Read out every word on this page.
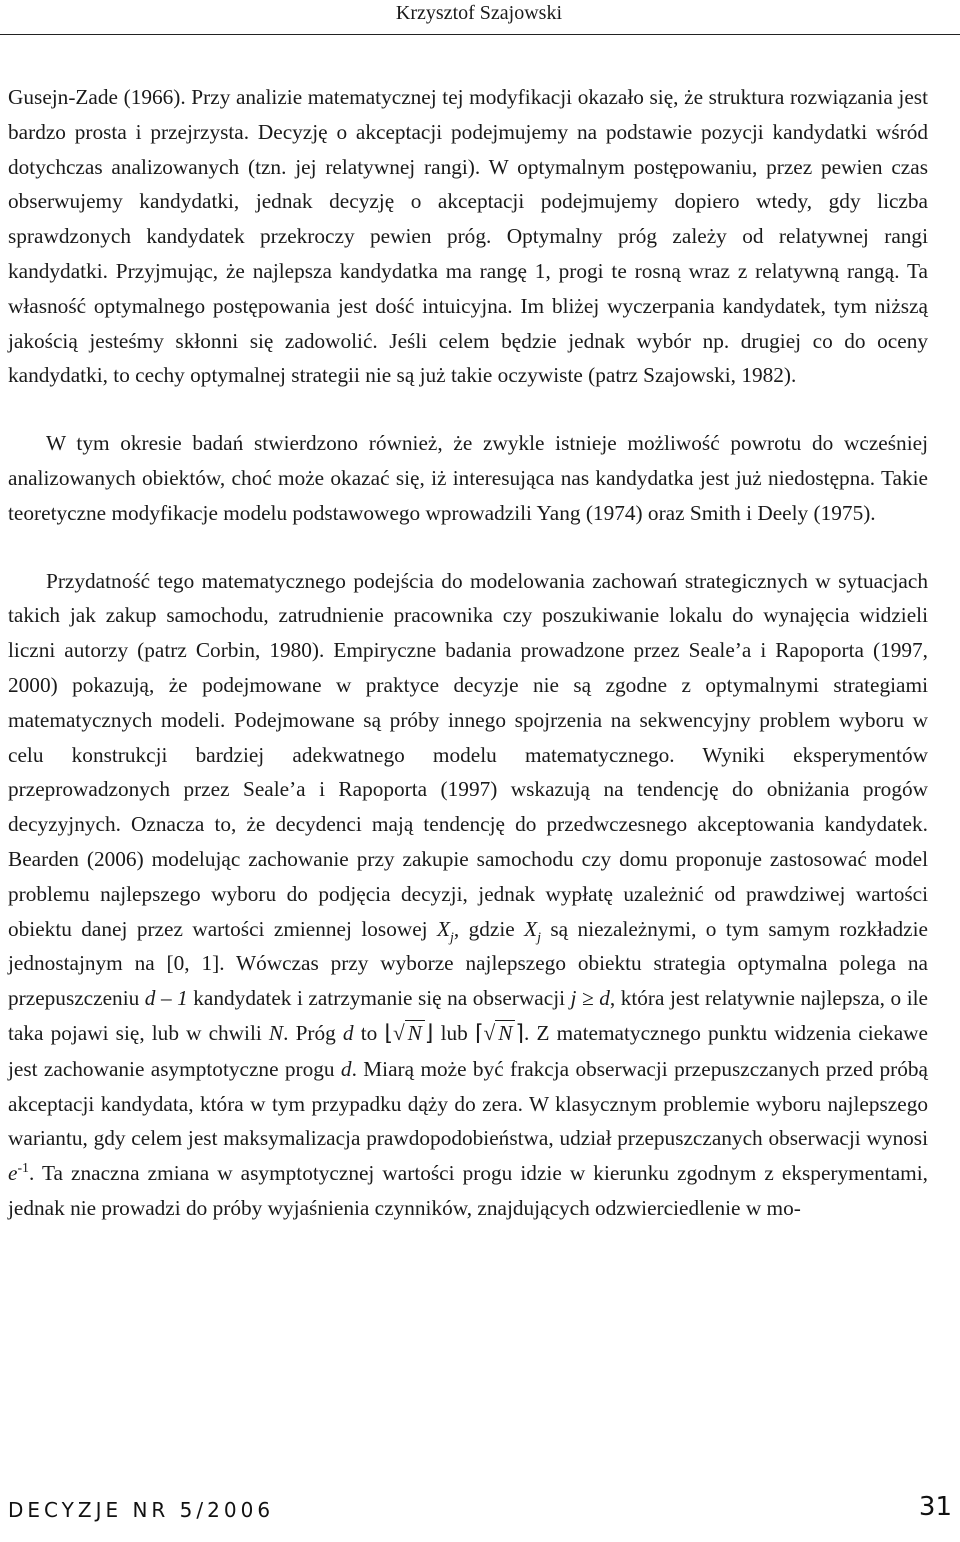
Krzysztof Szajowski

Gusejn-Zade (1966). Przy analizie matematycznej tej modyfikacji okazało się, że struktura rozwiązania jest bardzo prosta i przejrzysta. Decyzję o akceptacji podejmujemy na podstawie pozycji kandydatki wśród dotychczas analizowanych (tzn. jej relatywnej rangi). W optymalnym postępowaniu, przez pewien czas obserwujemy kandydatki, jednak decyzję o akceptacji podejmujemy dopiero wtedy, gdy liczba sprawdzonych kandydatek przekroczy pewien próg. Optymalny próg zależy od relatywnej rangi kandydatki. Przyjmując, że najlepsza kandydatka ma rangę 1, progi te rosną wraz z relatywną rangą. Ta własność optymalnego postępowania jest dość intuicyjna. Im bliżej wyczerpania kandydatek, tym niższą jakością jesteśmy skłonni się zadowolić. Jeśli celem będzie jednak wybór np. drugiej co do oceny kandydatki, to cechy optymalnej strategii nie są już takie oczywiste (patrz Szajowski, 1982).

W tym okresie badań stwierdzono również, że zwykle istnieje możliwość powrotu do wcześniej analizowanych obiektów, choć może okazać się, iż interesująca nas kandydatka jest już niedostępna. Takie teoretyczne modyfikacje modelu podstawowego wprowadzili Yang (1974) oraz Smith i Deely (1975).

Przydatność tego matematycznego podejścia do modelowania zachowań strategicznych w sytuacjach takich jak zakup samochodu, zatrudnienie pracownika czy poszukiwanie lokalu do wynajęcia widzieli liczni autorzy (patrz Corbin, 1980). Empiryczne badania prowadzone przez Seale’a i Rapoporta (1997, 2000) pokazują, że podejmowane w praktyce decyzje nie są zgodne z optymalnymi strategiami matematycznych modeli. Podejmowane są próby innego spojrzenia na sekwencyjny problem wyboru w celu konstrukcji bardziej adekwatnego modelu matematycznego. Wyniki eksperymentów przeprowadzonych przez Seale’a i Rapoporta (1997) wskazują na tendencję do obniżania progów decyzyjnych. Oznacza to, że decydenci mają tendencję do przedwczesnego akceptowania kandydatek. Bearden (2006) modelując zachowanie przy zakupie samochodu czy domu proponuje zastosować model problemu najlepszego wyboru do podjęcia decyzji, jednak wypłatę uzależnić od prawdziwej wartości obiektu danej przez wartości zmiennej losowej $X_j$, gdzie $X_j$ są niezależnymi, o tym samym rozkładzie jednostajnym na [0, 1]. Wówczas przy wyborze najlepszego obiektu strategia optymalna polega na przepuszczeniu d – 1 kandydatek i zatrzymanie się na obserwacji j ≥ d, która jest relatywnie najlepsza, o ile taka pojawi się, lub w chwili N. Próg d to ⌊√ N ⌋ lub ⌈√ N ⌉. Z matematycznego punktu widzenia ciekawe jest zachowanie asymptotyczne progu d. Miarą może być frakcja obserwacji przepuszczanych przed próbą akceptacji kandydata, która w tym przypadku dąży do zera. W klasycznym problemie wyboru najlepszego wariantu, gdy celem jest maksymalizacja prawdopodobieństwa, udział przepuszczanych obserwacji wynosi $e^{-1}$. Ta znaczna zmiana w asymptotycznej wartości progu idzie w kierunku zgodnym z eksperymentami, jednak nie prowadzi do próby wyjaśnienia czynników, znajdujących odzwierciedlenie w mo-

DECYZJE NR 5/2006	31
